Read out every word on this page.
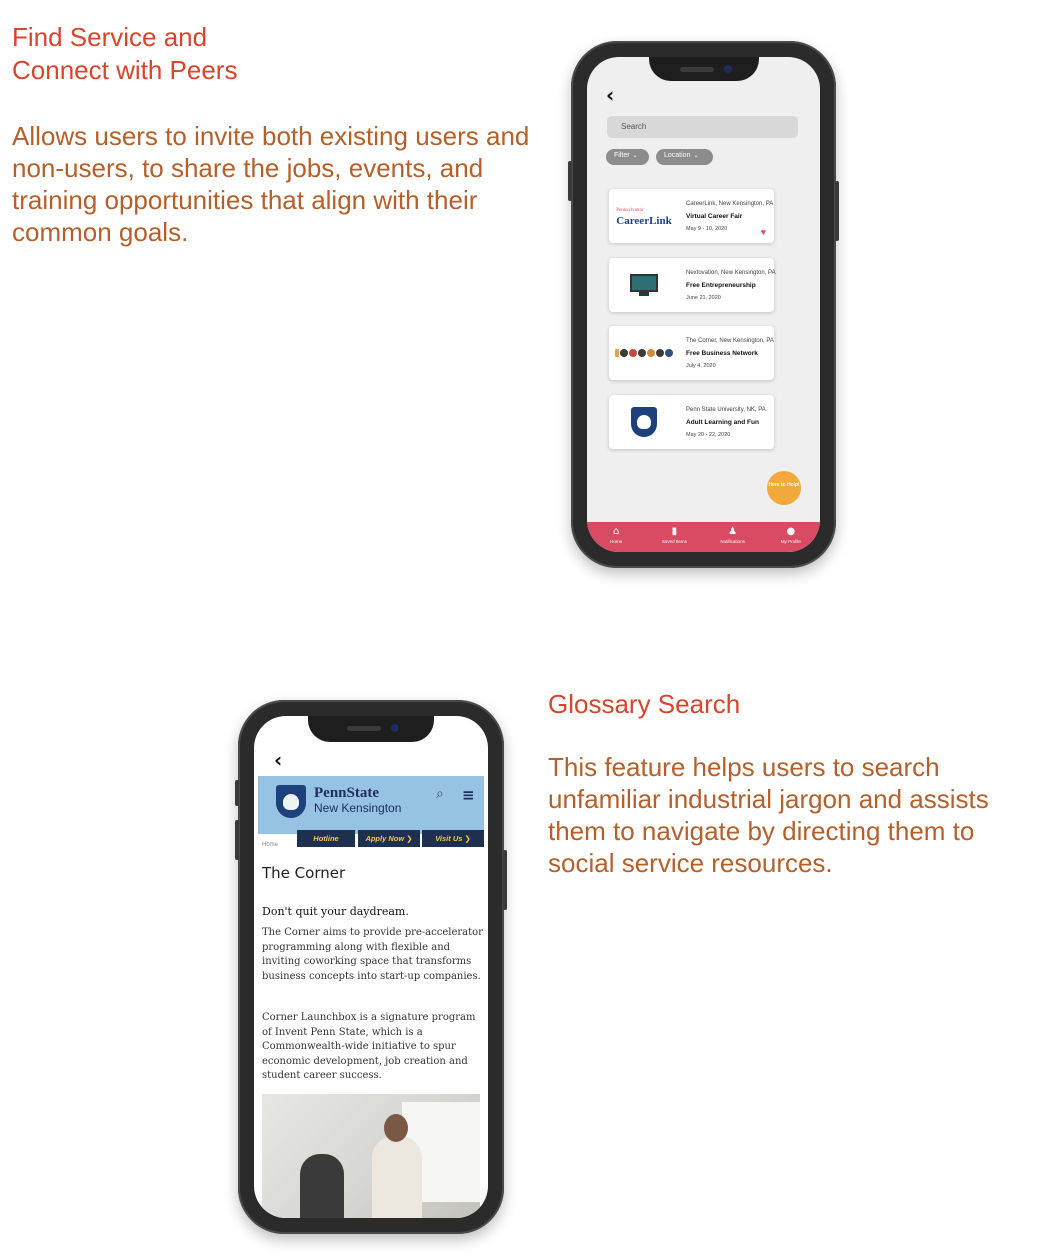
Find Service and
Connect with Peers
Allows users to invite both existing users and non-users, to share the jobs, events, and training opportunities that align with their common goals.
‹
Search
Filter ⌄	Location ⌄
Pennsylvania
CareerLink
CareerLink, New Kensington, PA
Virtual Career Fair
May 9 - 10, 2020	♥
Nextovation, New Kensington, PA
Free Entrepreneurship
June 21, 2020
The Corner, New Kensington, PA
Free Business Network
July 4, 2020
Penn State University, NK, PA
Adult Learning and Fun
May 20 - 22, 2020
Here to Help!
⌂
Home
▮
Saved Items
♟
Notifications
●
My Profile
‹
PennState
New Kensington
⌕ ≡
Home
Hotline	Apply Now ❯	Visit Us ❯
The Corner
Don't quit your daydream.
The Corner aims to provide pre-accelerator programming along with flexible and inviting coworking space that transforms business concepts into start-up companies.
Corner Launchbox is a signature program of Invent Penn State, which is a Commonwealth-wide initiative to spur economic development, job creation and student career success.
Glossary Search
This feature helps users to search unfamiliar industrial jargon and assists them to navigate by directing them to social service resources.
